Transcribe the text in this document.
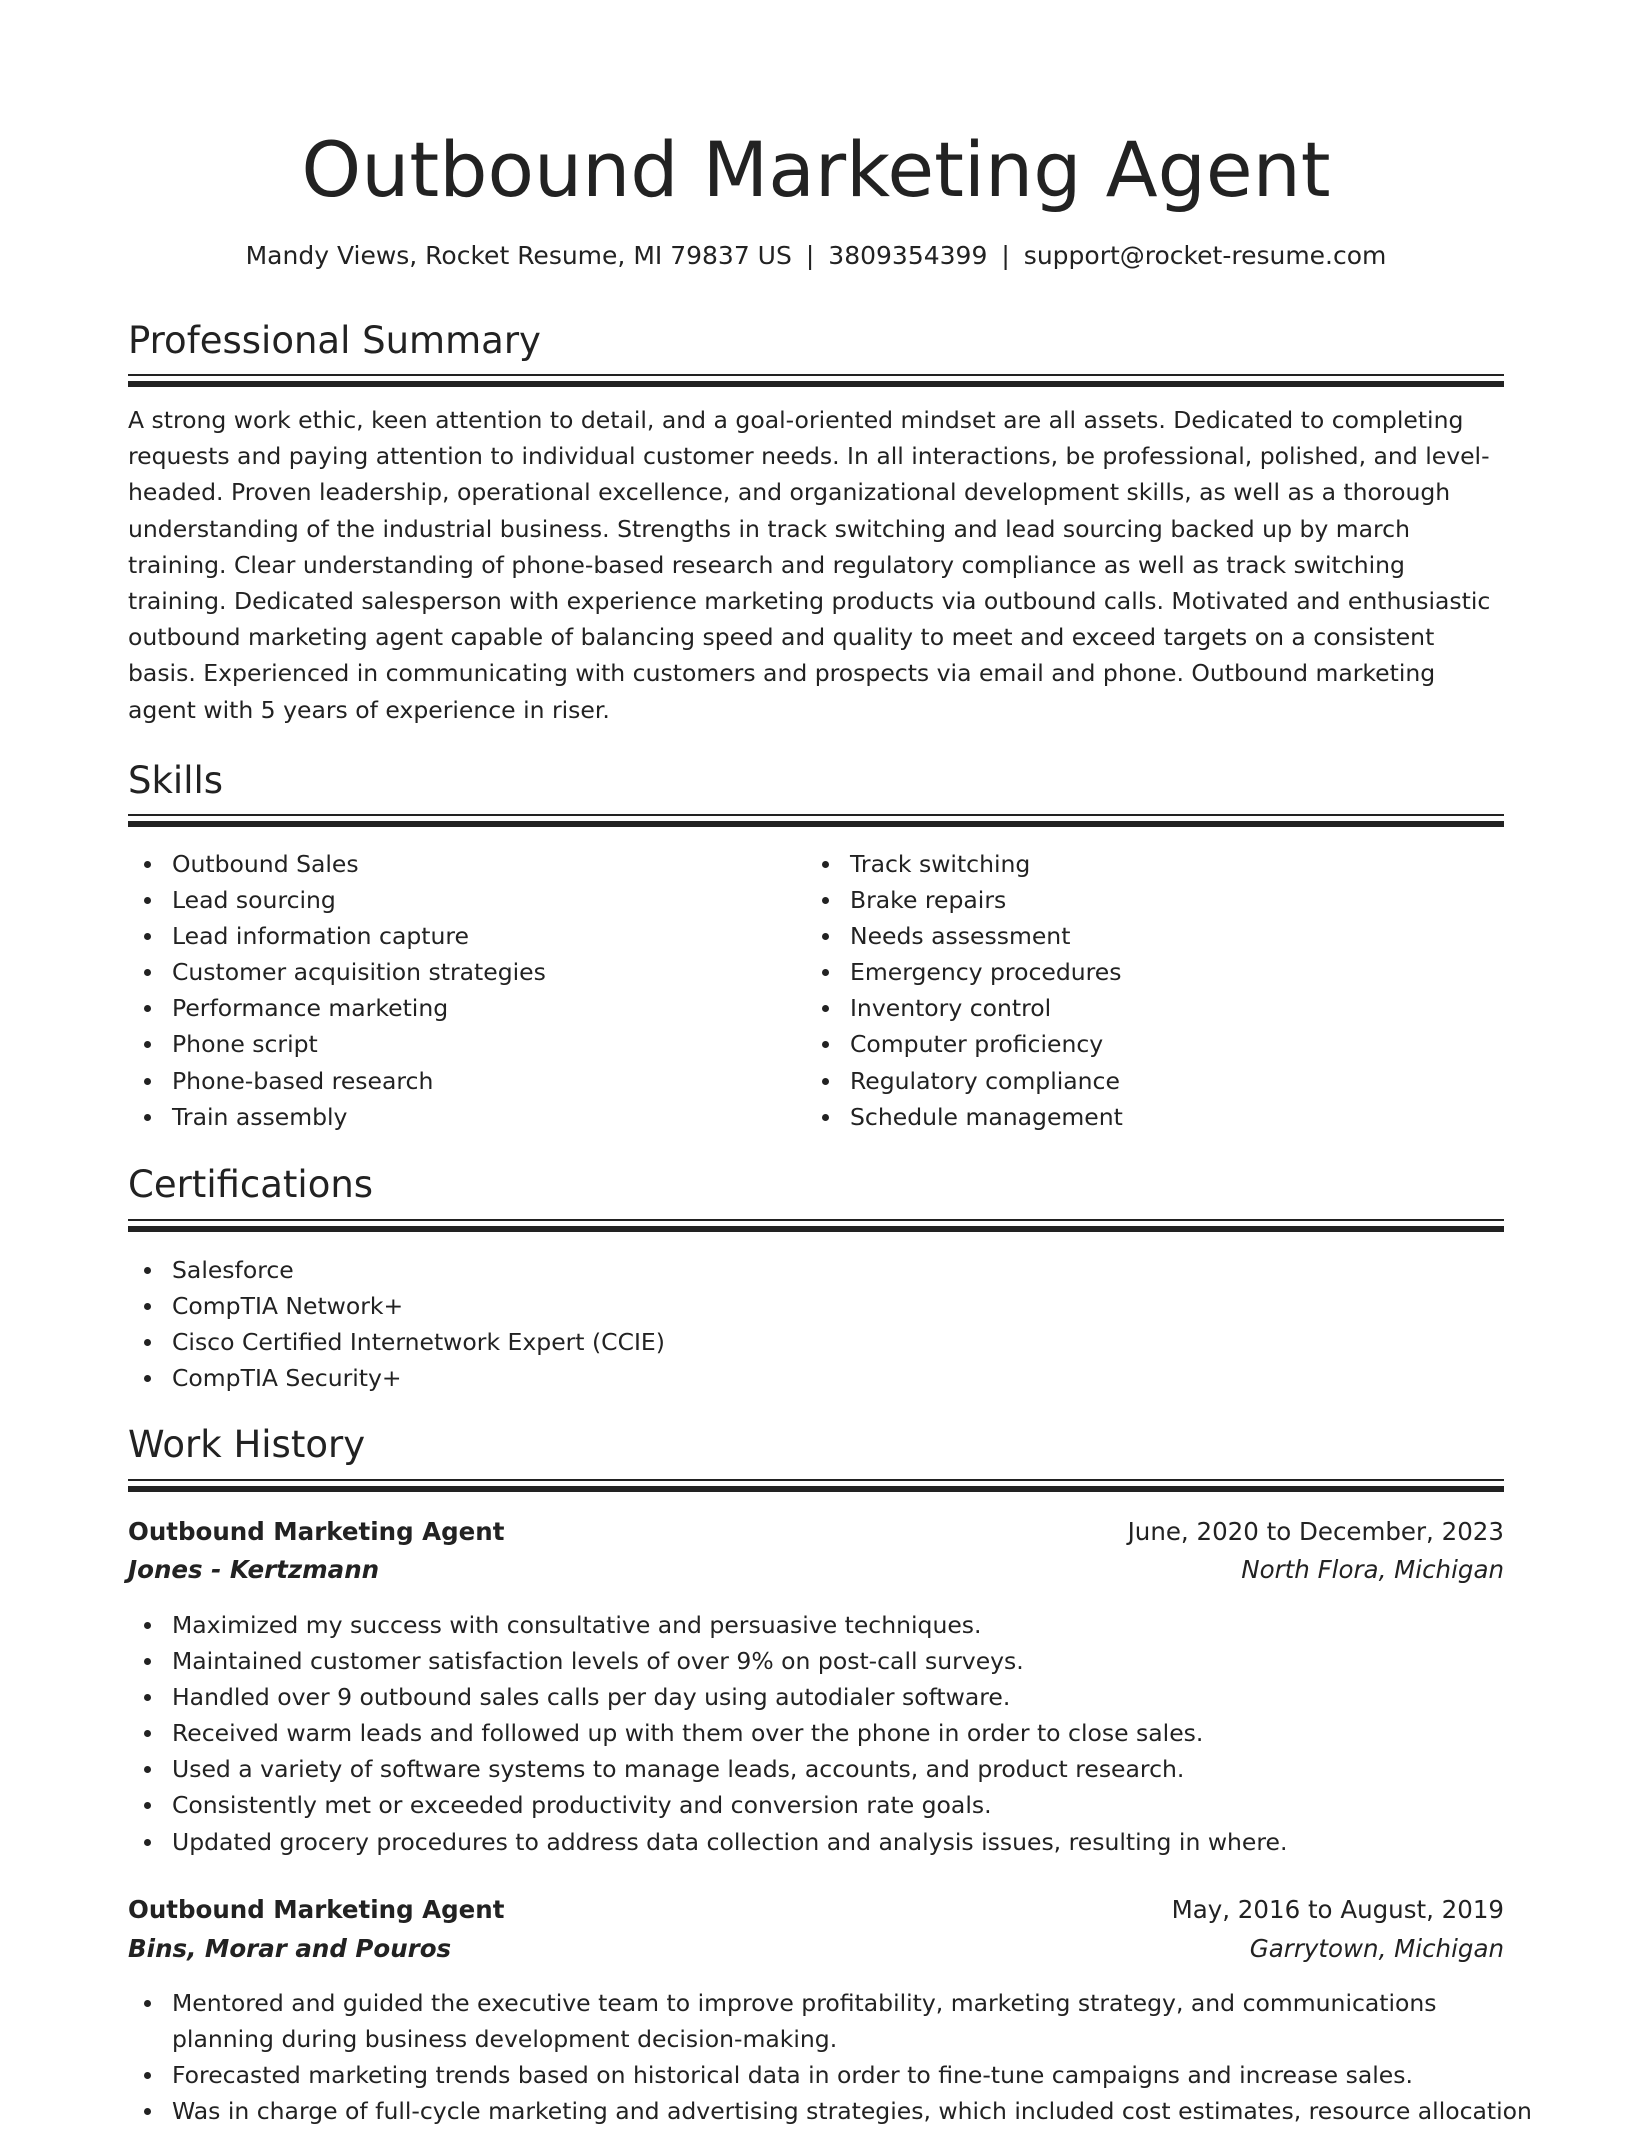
Outbound Marketing Agent
Mandy Views, Rocket Resume, MI 79837 US | 3809354399 | support@rocket-resume.com
Professional Summary

A strong work ethic, keen attention to detail, and a goal-oriented mindset are all assets. Dedicated to completing requests and paying attention to individual customer needs. In all interactions, be professional, polished, and level-headed. Proven leadership, operational excellence, and organizational development skills, as well as a thorough understanding of the industrial business. Strengths in track switching and lead sourcing backed up by march training. Clear understanding of phone-based research and regulatory compliance as well as track switching training. Dedicated salesperson with experience marketing products via outbound calls. Motivated and enthusiastic outbound marketing agent capable of balancing speed and quality to meet and exceed targets on a consistent basis. Experienced in communicating with customers and prospects via email and phone. Outbound marketing agent with 5 years of experience in riser.

Skills
Outbound Sales
Lead sourcing
Lead information capture
Customer acquisition strategies
Performance marketing
Phone script
Phone-based research
Train assembly
Track switching
Brake repairs
Needs assessment
Emergency procedures
Inventory control
Computer proficiency
Regulatory compliance
Schedule management
Certifications
Salesforce
CompTIA Network+
Cisco Certified Internetwork Expert (CCIE)
CompTIA Security+
Work History
Outbound Marketing Agent	June, 2020 to December, 2023
Jones - Kertzmann	North Flora, Michigan
Maximized my success with consultative and persuasive techniques.
Maintained customer satisfaction levels of over 9% on post-call surveys.
Handled over 9 outbound sales calls per day using autodialer software.
Received warm leads and followed up with them over the phone in order to close sales.
Used a variety of software systems to manage leads, accounts, and product research.
Consistently met or exceeded productivity and conversion rate goals.
Updated grocery procedures to address data collection and analysis issues, resulting in where.
Outbound Marketing Agent	May, 2016 to August, 2019
Bins, Morar and Pouros	Garrytown, Michigan
Mentored and guided the executive team to improve profitability, marketing strategy, and communications planning during business development decision-making.
Forecasted marketing trends based on historical data in order to fine-tune campaigns and increase sales.
Was in charge of full-cycle marketing and advertising strategies, which included cost estimates, resource allocation
